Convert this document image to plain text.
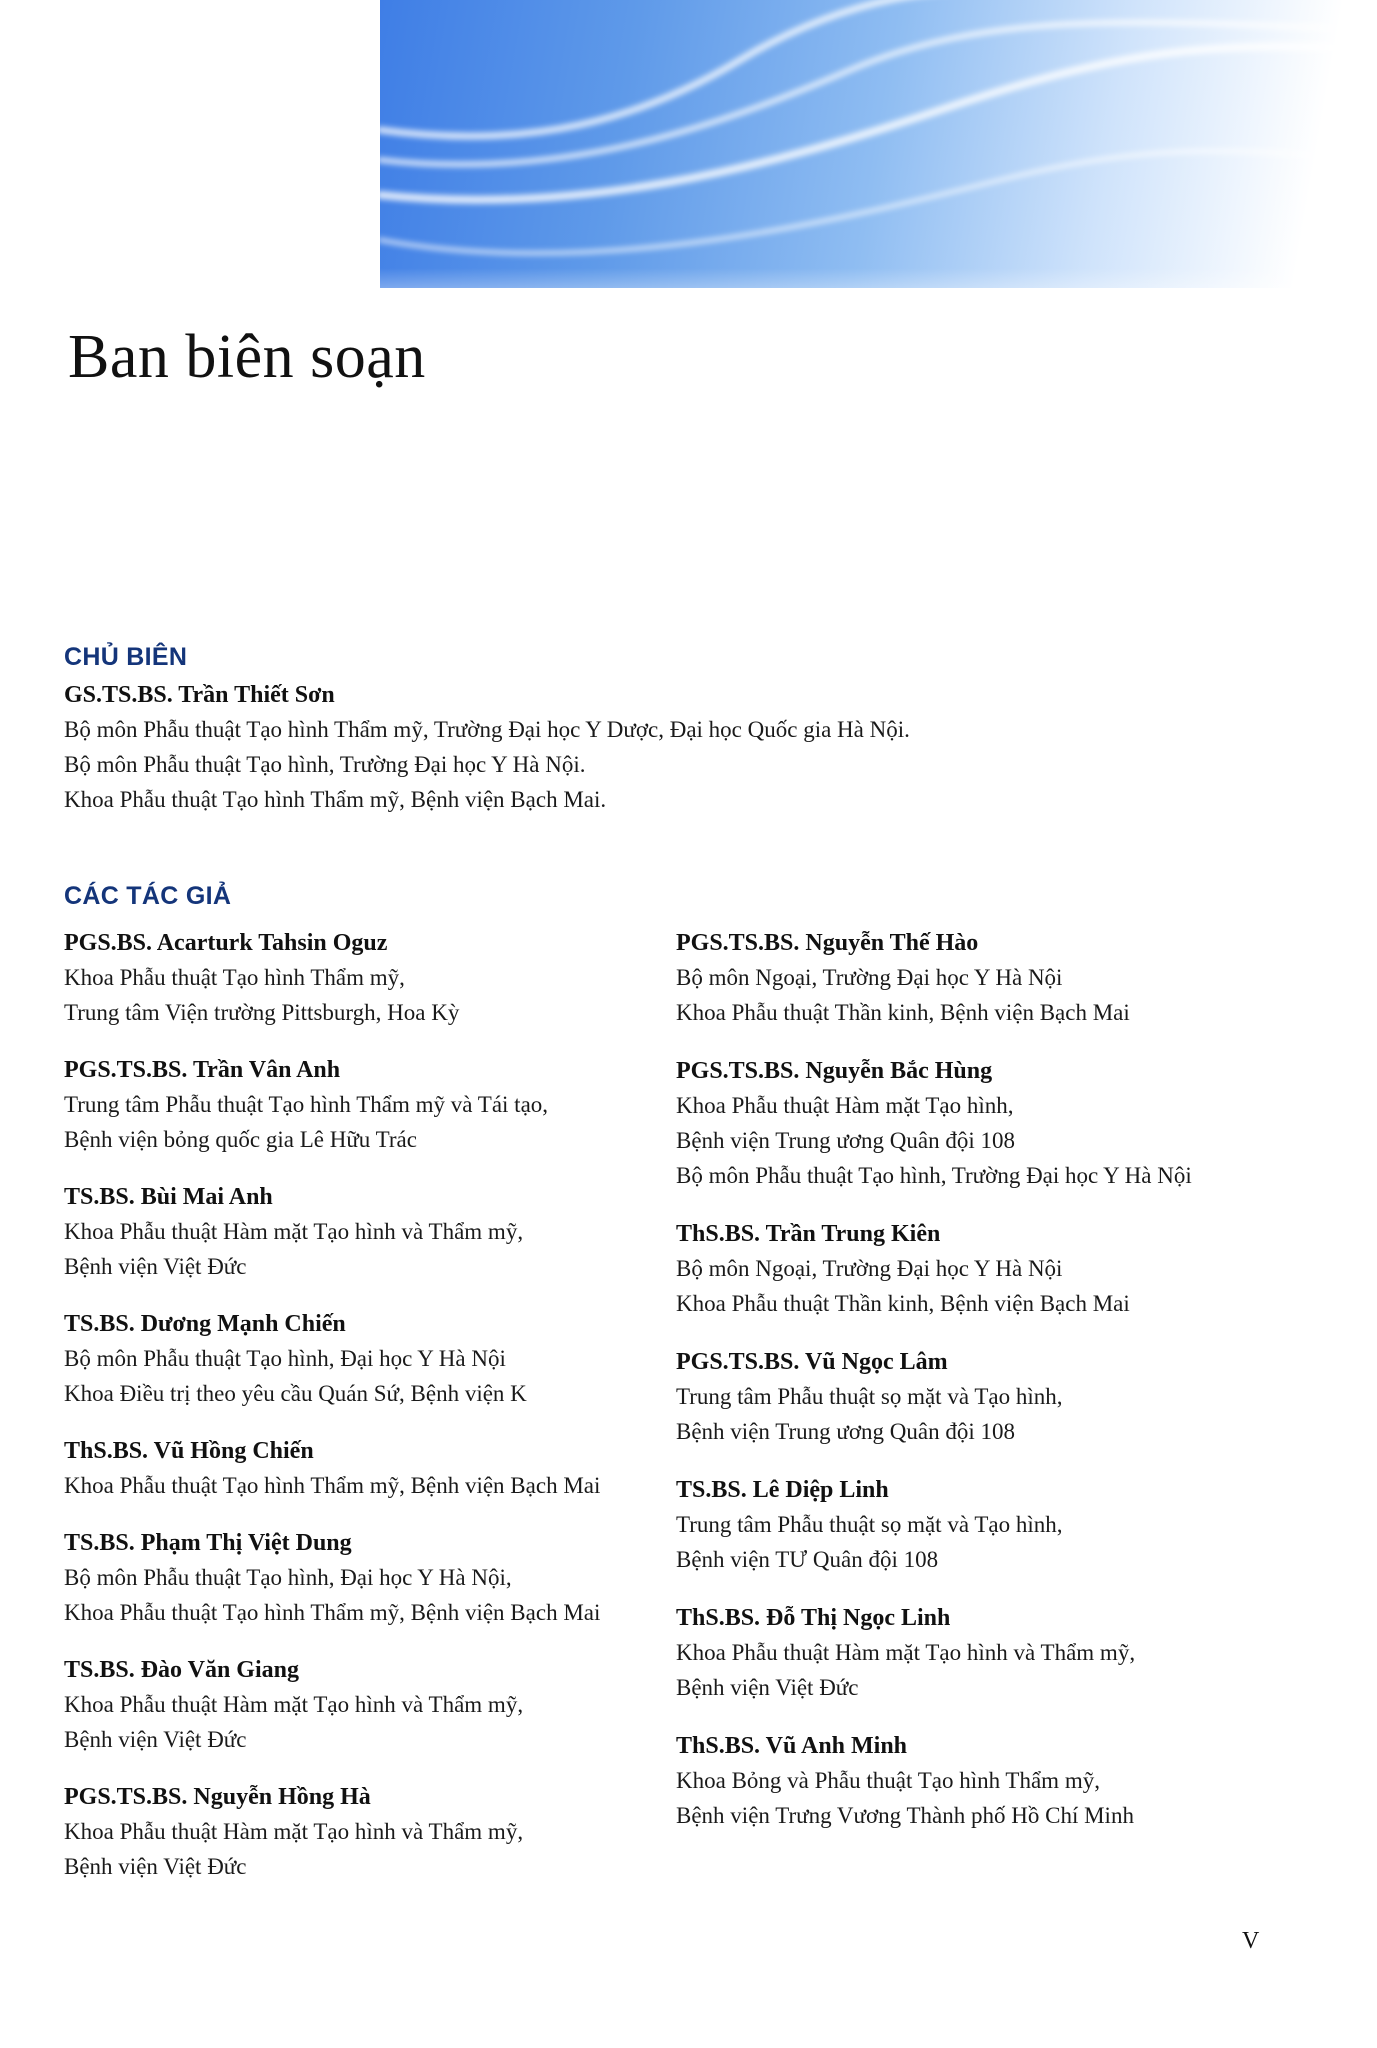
Ban biên soạn
CHỦ BIÊN
GS.TS.BS. Trần Thiết Sơn
Bộ môn Phẫu thuật Tạo hình Thẩm mỹ, Trường Đại học Y Dược, Đại học Quốc gia Hà Nội.
Bộ môn Phẫu thuật Tạo hình, Trường Đại học Y Hà Nội.
Khoa Phẫu thuật Tạo hình Thẩm mỹ, Bệnh viện Bạch Mai.
CÁC TÁC GIẢ
PGS.BS. Acarturk Tahsin Oguz
Khoa Phẫu thuật Tạo hình Thẩm mỹ,
Trung tâm Viện trường Pittsburgh, Hoa Kỳ
PGS.TS.BS. Trần Vân Anh
Trung tâm Phẫu thuật Tạo hình Thẩm mỹ và Tái tạo,
Bệnh viện bỏng quốc gia Lê Hữu Trác
TS.BS. Bùi Mai Anh
Khoa Phẫu thuật Hàm mặt Tạo hình và Thẩm mỹ,
Bệnh viện Việt Đức
TS.BS. Dương Mạnh Chiến
Bộ môn Phẫu thuật Tạo hình, Đại học Y Hà Nội
Khoa Điều trị theo yêu cầu Quán Sứ, Bệnh viện K
ThS.BS. Vũ Hồng Chiến
Khoa Phẫu thuật Tạo hình Thẩm mỹ, Bệnh viện Bạch Mai
TS.BS. Phạm Thị Việt Dung
Bộ môn Phẫu thuật Tạo hình, Đại học Y Hà Nội,
Khoa Phẫu thuật Tạo hình Thẩm mỹ, Bệnh viện Bạch Mai
TS.BS. Đào Văn Giang
Khoa Phẫu thuật Hàm mặt Tạo hình và Thẩm mỹ,
Bệnh viện Việt Đức
PGS.TS.BS. Nguyễn Hồng Hà
Khoa Phẫu thuật Hàm mặt Tạo hình và Thẩm mỹ,
Bệnh viện Việt Đức
PGS.TS.BS. Nguyễn Thế Hào
Bộ môn Ngoại, Trường Đại học Y Hà Nội
Khoa Phẫu thuật Thần kinh, Bệnh viện Bạch Mai
PGS.TS.BS. Nguyễn Bắc Hùng
Khoa Phẫu thuật Hàm mặt Tạo hình,
Bệnh viện Trung ương Quân đội 108
Bộ môn Phẫu thuật Tạo hình, Trường Đại học Y Hà Nội
ThS.BS. Trần Trung Kiên
Bộ môn Ngoại, Trường Đại học Y Hà Nội
Khoa Phẫu thuật Thần kinh, Bệnh viện Bạch Mai
PGS.TS.BS. Vũ Ngọc Lâm
Trung tâm Phẫu thuật sọ mặt và Tạo hình,
Bệnh viện Trung ương Quân đội 108
TS.BS. Lê Diệp Linh
Trung tâm Phẫu thuật sọ mặt và Tạo hình,
Bệnh viện TƯ Quân đội 108
ThS.BS. Đỗ Thị Ngọc Linh
Khoa Phẫu thuật Hàm mặt Tạo hình và Thẩm mỹ,
Bệnh viện Việt Đức
ThS.BS. Vũ Anh Minh
Khoa Bỏng và Phẫu thuật Tạo hình Thẩm mỹ,
Bệnh viện Trưng Vương Thành phố Hồ Chí Minh
V
